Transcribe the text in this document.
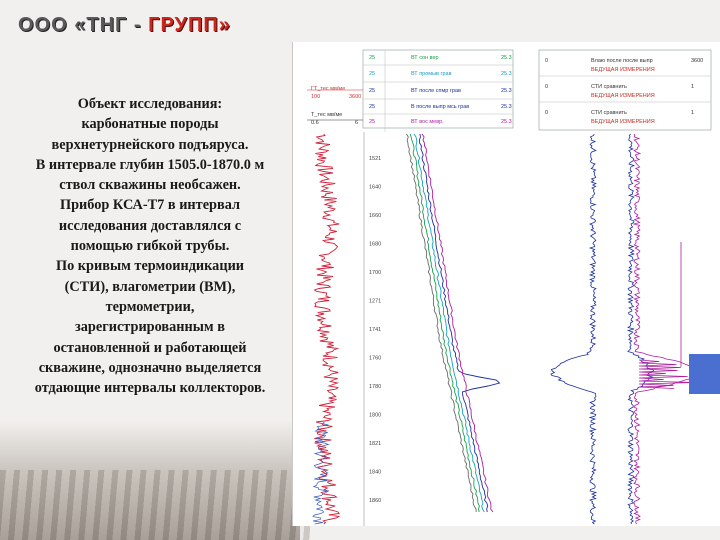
ООО «ТНГ - ГРУПП»
Объект исследования:
карбонатные породы
верхнетурнейского подъяруса.
В интервале глубин 1505.0-1870.0 м
ствол скважины необсажен.
Прибор КСА-Т7 в интервал
исследования доставлялся с
помощью гибкой трубы.
По кривым термоиндикации
(СТИ), влагометрии (ВМ),
термометрии,
зарегистрированным в
остановленной и работающей
скважине, однозначно выделяется
отдающие интервалы коллекторов.
25	ВТ сон вер	25.3
25	ВТ промыв грав	25.3
25	ВТ после спмр грав	25.3
25	В после выпр мсь грав	25.3
25	ВТ вос мевр.	25.3
ГТ_тес мв/ме
100	3600
Т_тес мв/ме
0.6	6
0	Влаю после после выпр	3600
ВЕДУЩАЯ ИЗМЕРЕНИЯ
0	СТИ сравнить	1
ВЕДУЩАЯ ИЗМЕРЕНИЯ
0	СТИ сравнить	1
ВЕДУЩАЯ ИЗМЕРЕНИЯ
1521
1640
1660
1680
1700
1271
1741
1760
1780
1800
1821
1840
1860
